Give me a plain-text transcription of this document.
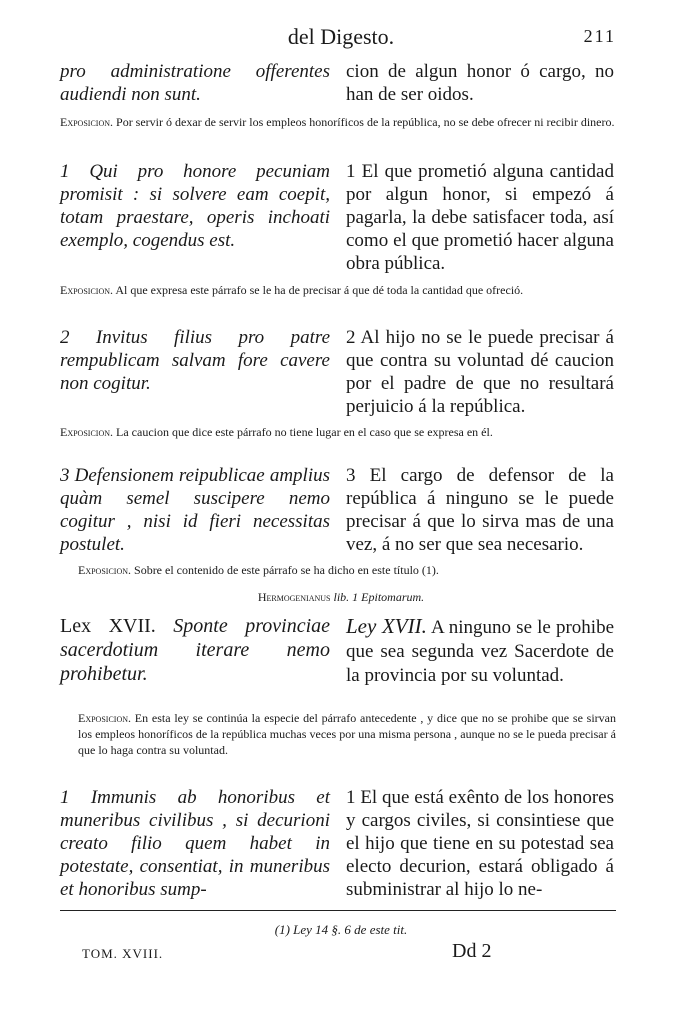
del Digesto.	211
pro administratione offerentes audiendi non sunt.
cion de algun honor ó cargo, no han de ser oidos.
Exposicion. Por servir ó dexar de servir los empleos honoríficos de la república, no se debe ofrecer ni recibir dinero.
1 Qui pro honore pecuniam promisit : si solvere eam coepit, totam praestare, operis inchoati exemplo, cogendus est.
1 El que prometió alguna cantidad por algun honor, si empezó á pagarla, la debe satisfacer toda, así como el que prometió hacer alguna obra pública.
Exposicion. Al que expresa este párrafo se le ha de precisar á que dé toda la cantidad que ofreció.
2 Invitus filius pro patre rempublicam salvam fore cavere non cogitur.
2 Al hijo no se le puede precisar á que contra su voluntad dé caucion por el padre de que no resultará perjuicio á la república.
Exposicion. La caucion que dice este párrafo no tiene lugar en el caso que se expresa en él.
3 Defensionem reipublicae amplius quàm semel suscipere nemo cogitur , nisi id fieri necessitas postulet.
3 El cargo de defensor de la república á ninguno se le puede precisar á que lo sirva mas de una vez, á no ser que sea necesario.
Exposicion. Sobre el contenido de este párrafo se ha dicho en este título (1).
Hermogenianus lib. 1 Epitomarum.
Lex XVII. Sponte provinciae sacerdotium iterare nemo prohibetur.
Ley XVII. A ninguno se le prohibe que sea segunda vez Sacerdote de la provincia por su voluntad.
Exposicion. En esta ley se continúa la especie del párrafo antecedente , y dice que no se prohibe que se sirvan los empleos honoríficos de la república muchas veces por una misma persona , aunque no se le pueda precisar á que lo haga contra su voluntad.
1 Immunis ab honoribus et muneribus civilibus , si decurioni creato filio quem habet in potestate, consentiat, in muneribus et honoribus sump-
1 El que está exênto de los honores y cargos civiles, si consintiese que el hijo que tiene en su potestad sea electo decurion, estará obligado á subministrar al hijo lo ne-
(1) Ley 14 §. 6 de este tit.
TOM. XVIII.	Dd 2
